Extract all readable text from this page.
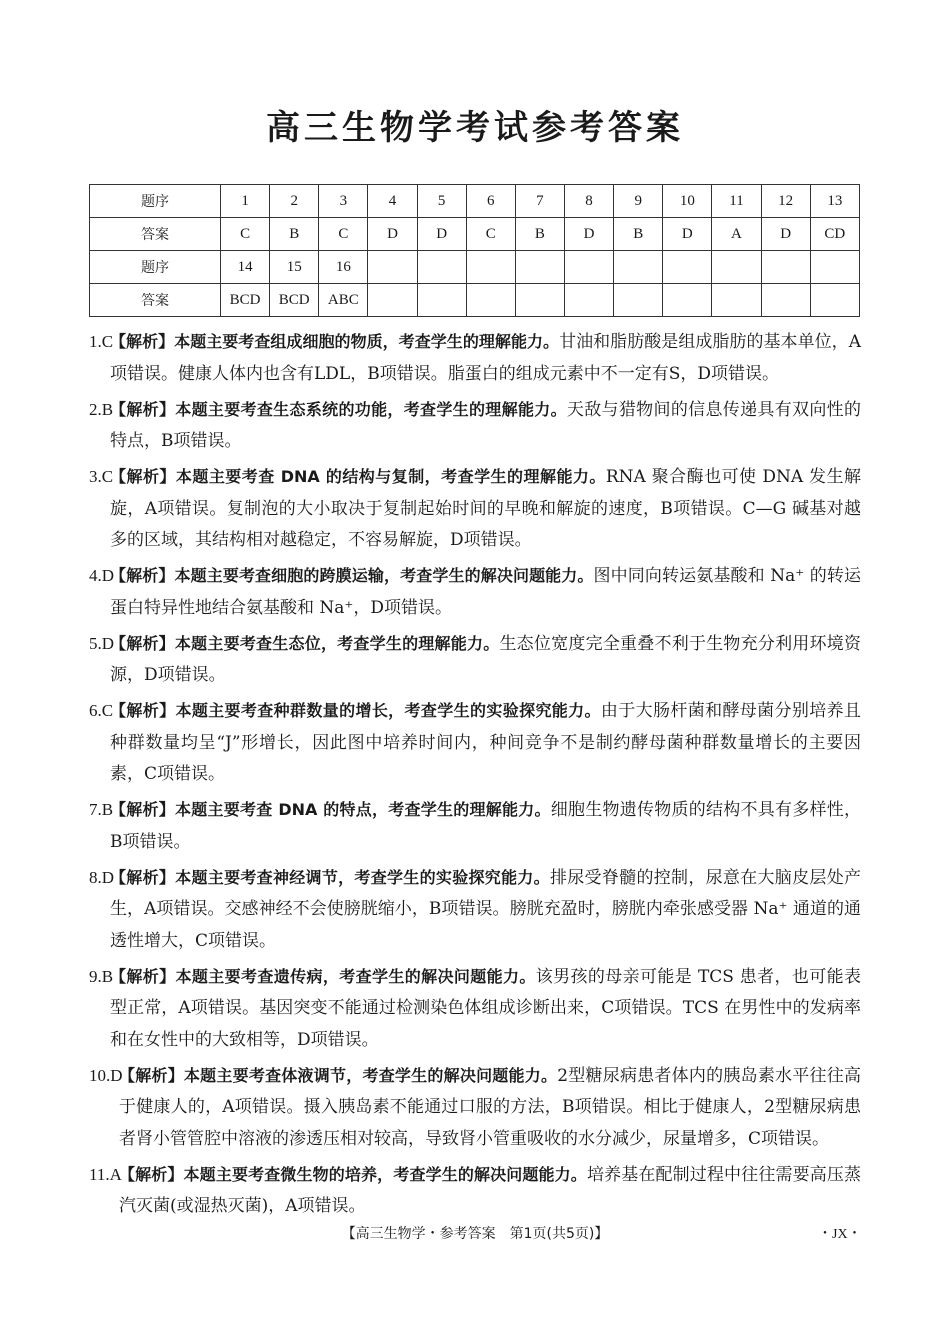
高三生物学考试参考答案
题序	1	2	3	4	5	6	7	8	9	10	11	12	13
答案	C	B	C	D	D	C	B	D	B	D	A	D	CD
题序	14	15	16										
答案	BCD	BCD	ABC										
1.C
【解析】本题主要考查组成细胞的物质，考查学生的理解能力。甘油和脂肪酸是组成脂肪的基本单位，A项错误。健康人体内也含有LDL，B项错误。脂蛋白的组成元素中不一定有S，D项错误。
2.B
【解析】本题主要考查生态系统的功能，考查学生的理解能力。天敌与猎物间的信息传递具有双向性的特点，B项错误。
3.C
【解析】本题主要考查 DNA 的结构与复制，考查学生的理解能力。RNA 聚合酶也可使 DNA 发生解旋，A项错误。复制泡的大小取决于复制起始时间的早晚和解旋的速度，B项错误。C—G 碱基对越多的区域，其结构相对越稳定，不容易解旋，D项错误。
4.D
【解析】本题主要考查细胞的跨膜运输，考查学生的解决问题能力。图中同向转运氨基酸和 Na⁺ 的转运蛋白特异性地结合氨基酸和 Na⁺，D项错误。
5.D
【解析】本题主要考查生态位，考查学生的理解能力。生态位宽度完全重叠不利于生物充分利用环境资源，D项错误。
6.C
【解析】本题主要考查种群数量的增长，考查学生的实验探究能力。由于大肠杆菌和酵母菌分别培养且种群数量均呈“J”形增长，因此图中培养时间内，种间竞争不是制约酵母菌种群数量增长的主要因素，C项错误。
7.B
【解析】本题主要考查 DNA 的特点，考查学生的理解能力。细胞生物遗传物质的结构不具有多样性，B项错误。
8.D
【解析】本题主要考查神经调节，考查学生的实验探究能力。排尿受脊髓的控制，尿意在大脑皮层处产生，A项错误。交感神经不会使膀胱缩小，B项错误。膀胱充盈时，膀胱内牵张感受器 Na⁺ 通道的通透性增大，C项错误。
9.B
【解析】本题主要考查遗传病，考查学生的解决问题能力。该男孩的母亲可能是 TCS 患者，也可能表型正常，A项错误。基因突变不能通过检测染色体组成诊断出来，C项错误。TCS 在男性中的发病率和在女性中的大致相等，D项错误。
10.D
【解析】本题主要考查体液调节，考查学生的解决问题能力。2型糖尿病患者体内的胰岛素水平往往高于健康人的，A项错误。摄入胰岛素不能通过口服的方法，B项错误。相比于健康人，2型糖尿病患者肾小管管腔中溶液的渗透压相对较高，导致肾小管重吸收的水分减少，尿量增多，C项错误。
11.A
【解析】本题主要考查微生物的培养，考查学生的解决问题能力。培养基在配制过程中往往需要高压蒸汽灭菌(或湿热灭菌)，A项错误。
【高三生物学・参考答案　第1页(共5页)】	・JX・
